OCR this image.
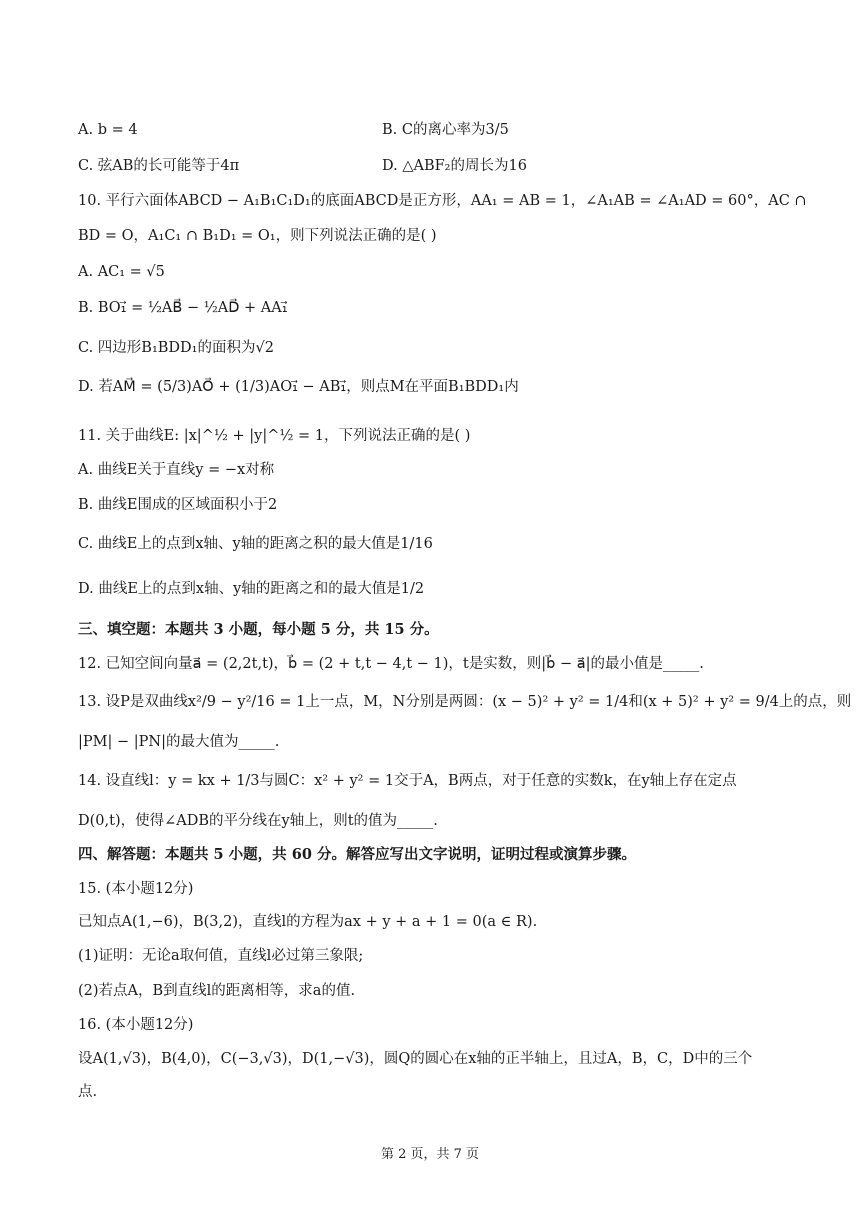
A. b = 4	B. C的离心率为3/5
C. 弦AB的长可能等于4π	D. △ABF₂的周长为16
10. 平行六面体ABCD − A₁B₁C₁D₁的底面ABCD是正方形，AA₁ = AB = 1，∠A₁AB = ∠A₁AD = 60°，AC ∩
BD = O，A₁C₁ ∩ B₁D₁ = O₁，则下列说法正确的是( )
A. AC₁ = √5
B. BO₁⃗ = ½AB⃗ − ½AD⃗ + AA₁⃗
C. 四边形B₁BDD₁的面积为√2
D. 若AM⃗ = (5/3)AO⃗ + (1/3)AO₁⃗ − AB₁⃗，则点M在平面B₁BDD₁内
11. 关于曲线E: |x|^½ + |y|^½ = 1，下列说法正确的是( )
A. 曲线E关于直线y = −x对称
B. 曲线E围成的区域面积小于2
C. 曲线E上的点到x轴、y轴的距离之积的最大值是1/16
D. 曲线E上的点到x轴、y轴的距离之和的最大值是1/2
三、填空题：本题共 3 小题，每小题 5 分，共 15 分。
12. 已知空间向量a⃗ = (2,2t,t)，b⃗ = (2 + t,t − 4,t − 1)，t是实数，则|b⃗ − a⃗|的最小值是_____.
13. 设P是双曲线x²/9 − y²/16 = 1上一点，M，N分别是两圆：(x − 5)² + y² = 1/4和(x + 5)² + y² = 9/4上的点，则
|PM| − |PN|的最大值为_____.
14. 设直线l：y = kx + 1/3与圆C：x² + y² = 1交于A，B两点，对于任意的实数k，在y轴上存在定点
D(0,t)，使得∠ADB的平分线在y轴上，则t的值为_____.
四、解答题：本题共 5 小题，共 60 分。解答应写出文字说明，证明过程或演算步骤。
15. (本小题12分)
已知点A(1,−6)，B(3,2)，直线l的方程为ax + y + a + 1 = 0(a ∈ R).
(1)证明：无论a取何值，直线l必过第三象限;
(2)若点A，B到直线l的距离相等，求a的值.
16. (本小题12分)
设A(1,√3)，B(4,0)，C(−3,√3)，D(1,−√3)，圆Q的圆心在x轴的正半轴上，且过A，B，C，D中的三个
点.
第 2 页，共 7 页
